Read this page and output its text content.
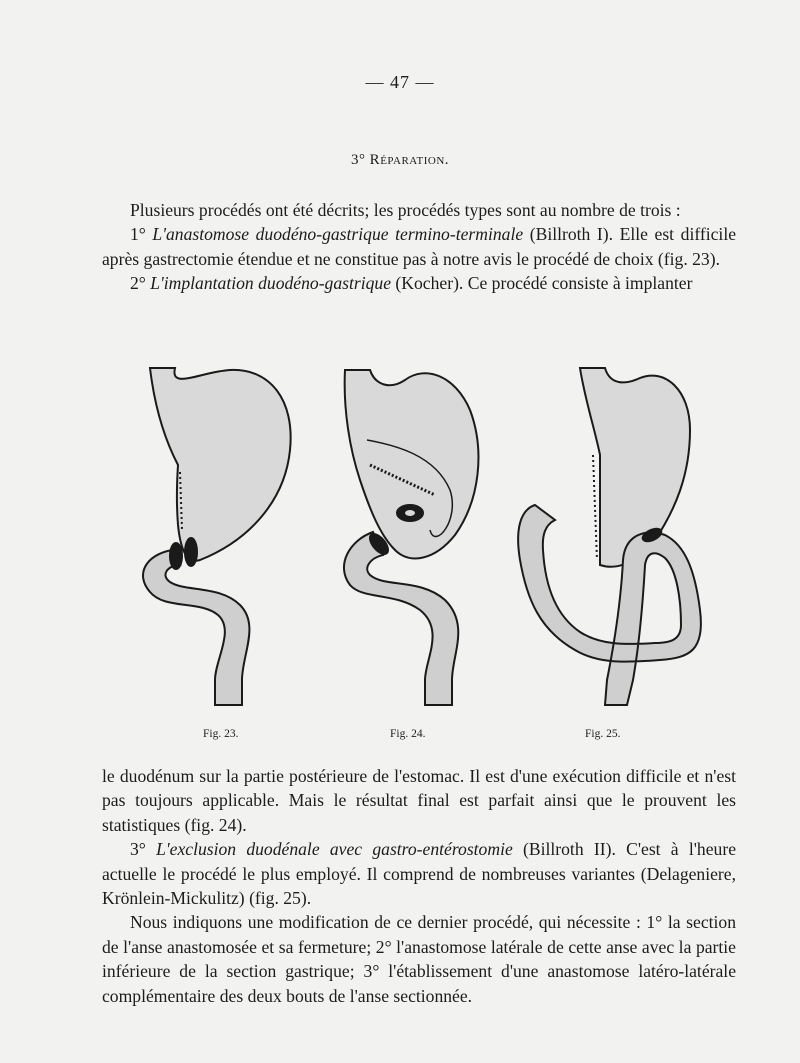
— 47 —
3° Réparation.

Plusieurs procédés ont été décrits; les procédés types sont au nombre de trois :

1° L'anastomose duodéno-gastrique termino-terminale (Billroth I). Elle est difficile après gastrectomie étendue et ne constitue pas à notre avis le procédé de choix (fig. 23).

2° L'implantation duodéno-gastrique (Kocher). Ce procédé consiste à implanter

Fig. 23.	Fig. 24.	Fig. 25.

le duodénum sur la partie postérieure de l'estomac. Il est d'une exécution difficile et n'est pas toujours applicable. Mais le résultat final est parfait ainsi que le prouvent les statistiques (fig. 24).

3° L'exclusion duodénale avec gastro-entérostomie (Billroth II). C'est à l'heure actuelle le procédé le plus employé. Il comprend de nombreuses variantes (Delageniere, Krönlein-Mickulitz) (fig. 25).

Nous indiquons une modification de ce dernier procédé, qui nécessite : 1° la section de l'anse anastomosée et sa fermeture; 2° l'anastomose latérale de cette anse avec la partie inférieure de la section gastrique; 3° l'établissement d'une anastomose latéro-latérale complémentaire des deux bouts de l'anse sectionnée.
